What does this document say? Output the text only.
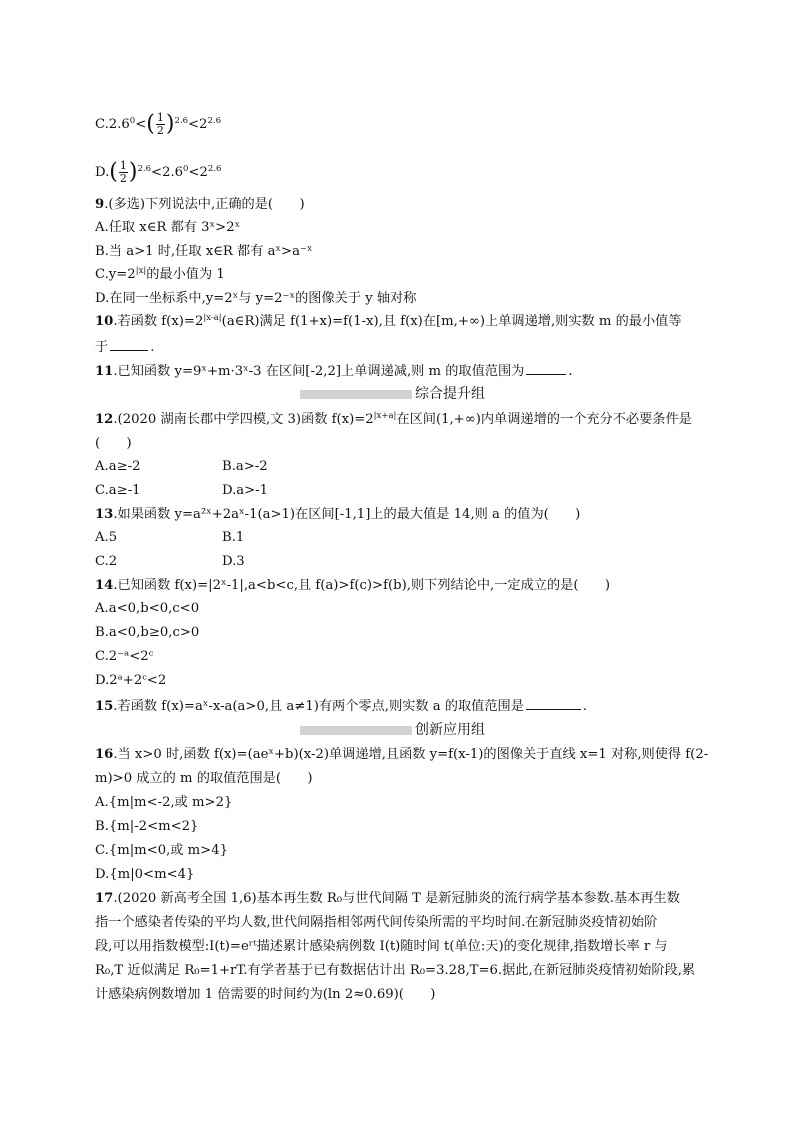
$C.2.6^0<( \frac{1}{2} )^{2.6}<2^{2.6}$
$D.( \frac{1}{2} )^{2.6}<2.6^0<2^{2.6}$
9.(多选)下列说法中,正确的是(　　)
A.任取 x∈R 都有 3ˣ>2ˣ
B.当 a>1 时,任取 x∈R 都有 aˣ>a⁻ˣ
$C.y=2^{|x|}$的最小值为 1
D.在同一坐标系中,y=2ˣ与 y=2⁻ˣ的图像关于 y 轴对称
10.若函数 $f(x)=2^{|x-a|}(a\in R)$满足 f(1+x)=f(1-x),且 f(x)在[m,+∞)上单调递增,则实数 m 的最小值等
于	.
11.已知函数 y=9ˣ+m·3ˣ-3 在区间[-2,2]上单调递减,则 m 的取值范围为	.
综合提升组
12.(2020 湖南长郡中学四模,文 3)函数 $f(x)=2^{|x+a|}$在区间(1,+∞)内单调递增的一个充分不必要条件是
(　　)
A.a≥-2	B.a>-2
C.a≥-1	D.a>-1
13.如果函数 y=a²ˣ+2aˣ-1(a>1)在区间[-1,1]上的最大值是 14,则 a 的值为(　　)
A.5	B.1
C.2	D.3
14.已知函数 f(x)=|2ˣ-1|,a<b<c,且 f(a)>f(c)>f(b),则下列结论中,一定成立的是(　　)
A.a<0,b<0,c<0
B.a<0,b≥0,c>0
C.2⁻ᵃ<2ᶜ
D.2ᵃ+2ᶜ<2
15.若函数 f(x)=aˣ-x-a(a>0,且 a≠1)有两个零点,则实数 a 的取值范围是	.
创新应用组
16.当 x>0 时,函数 f(x)=(aeˣ+b)(x-2)单调递增,且函数 y=f(x-1)的图像关于直线 x=1 对称,则使得 f(2-
m)>0 成立的 m 的取值范围是(　　)
A.{m|m<-2,或 m>2}
B.{m|-2<m<2}
C.{m|m<0,或 m>4}
D.{m|0<m<4}
17.(2020 新高考全国 1,6)基本再生数 R₀与世代间隔 T 是新冠肺炎的流行病学基本参数.基本再生数
指一个感染者传染的平均人数,世代间隔指相邻两代间传染所需的平均时间.在新冠肺炎疫情初始阶
段,可以用指数模型:I(t)=eʳᵗ描述累计感染病例数 I(t)随时间 t(单位:天)的变化规律,指数增长率 r 与
R₀,T 近似满足 R₀=1+rT.有学者基于已有数据估计出 R₀=3.28,T=6.据此,在新冠肺炎疫情初始阶段,累
计感染病例数增加 1 倍需要的时间约为(ln 2≈0.69)(　　)
